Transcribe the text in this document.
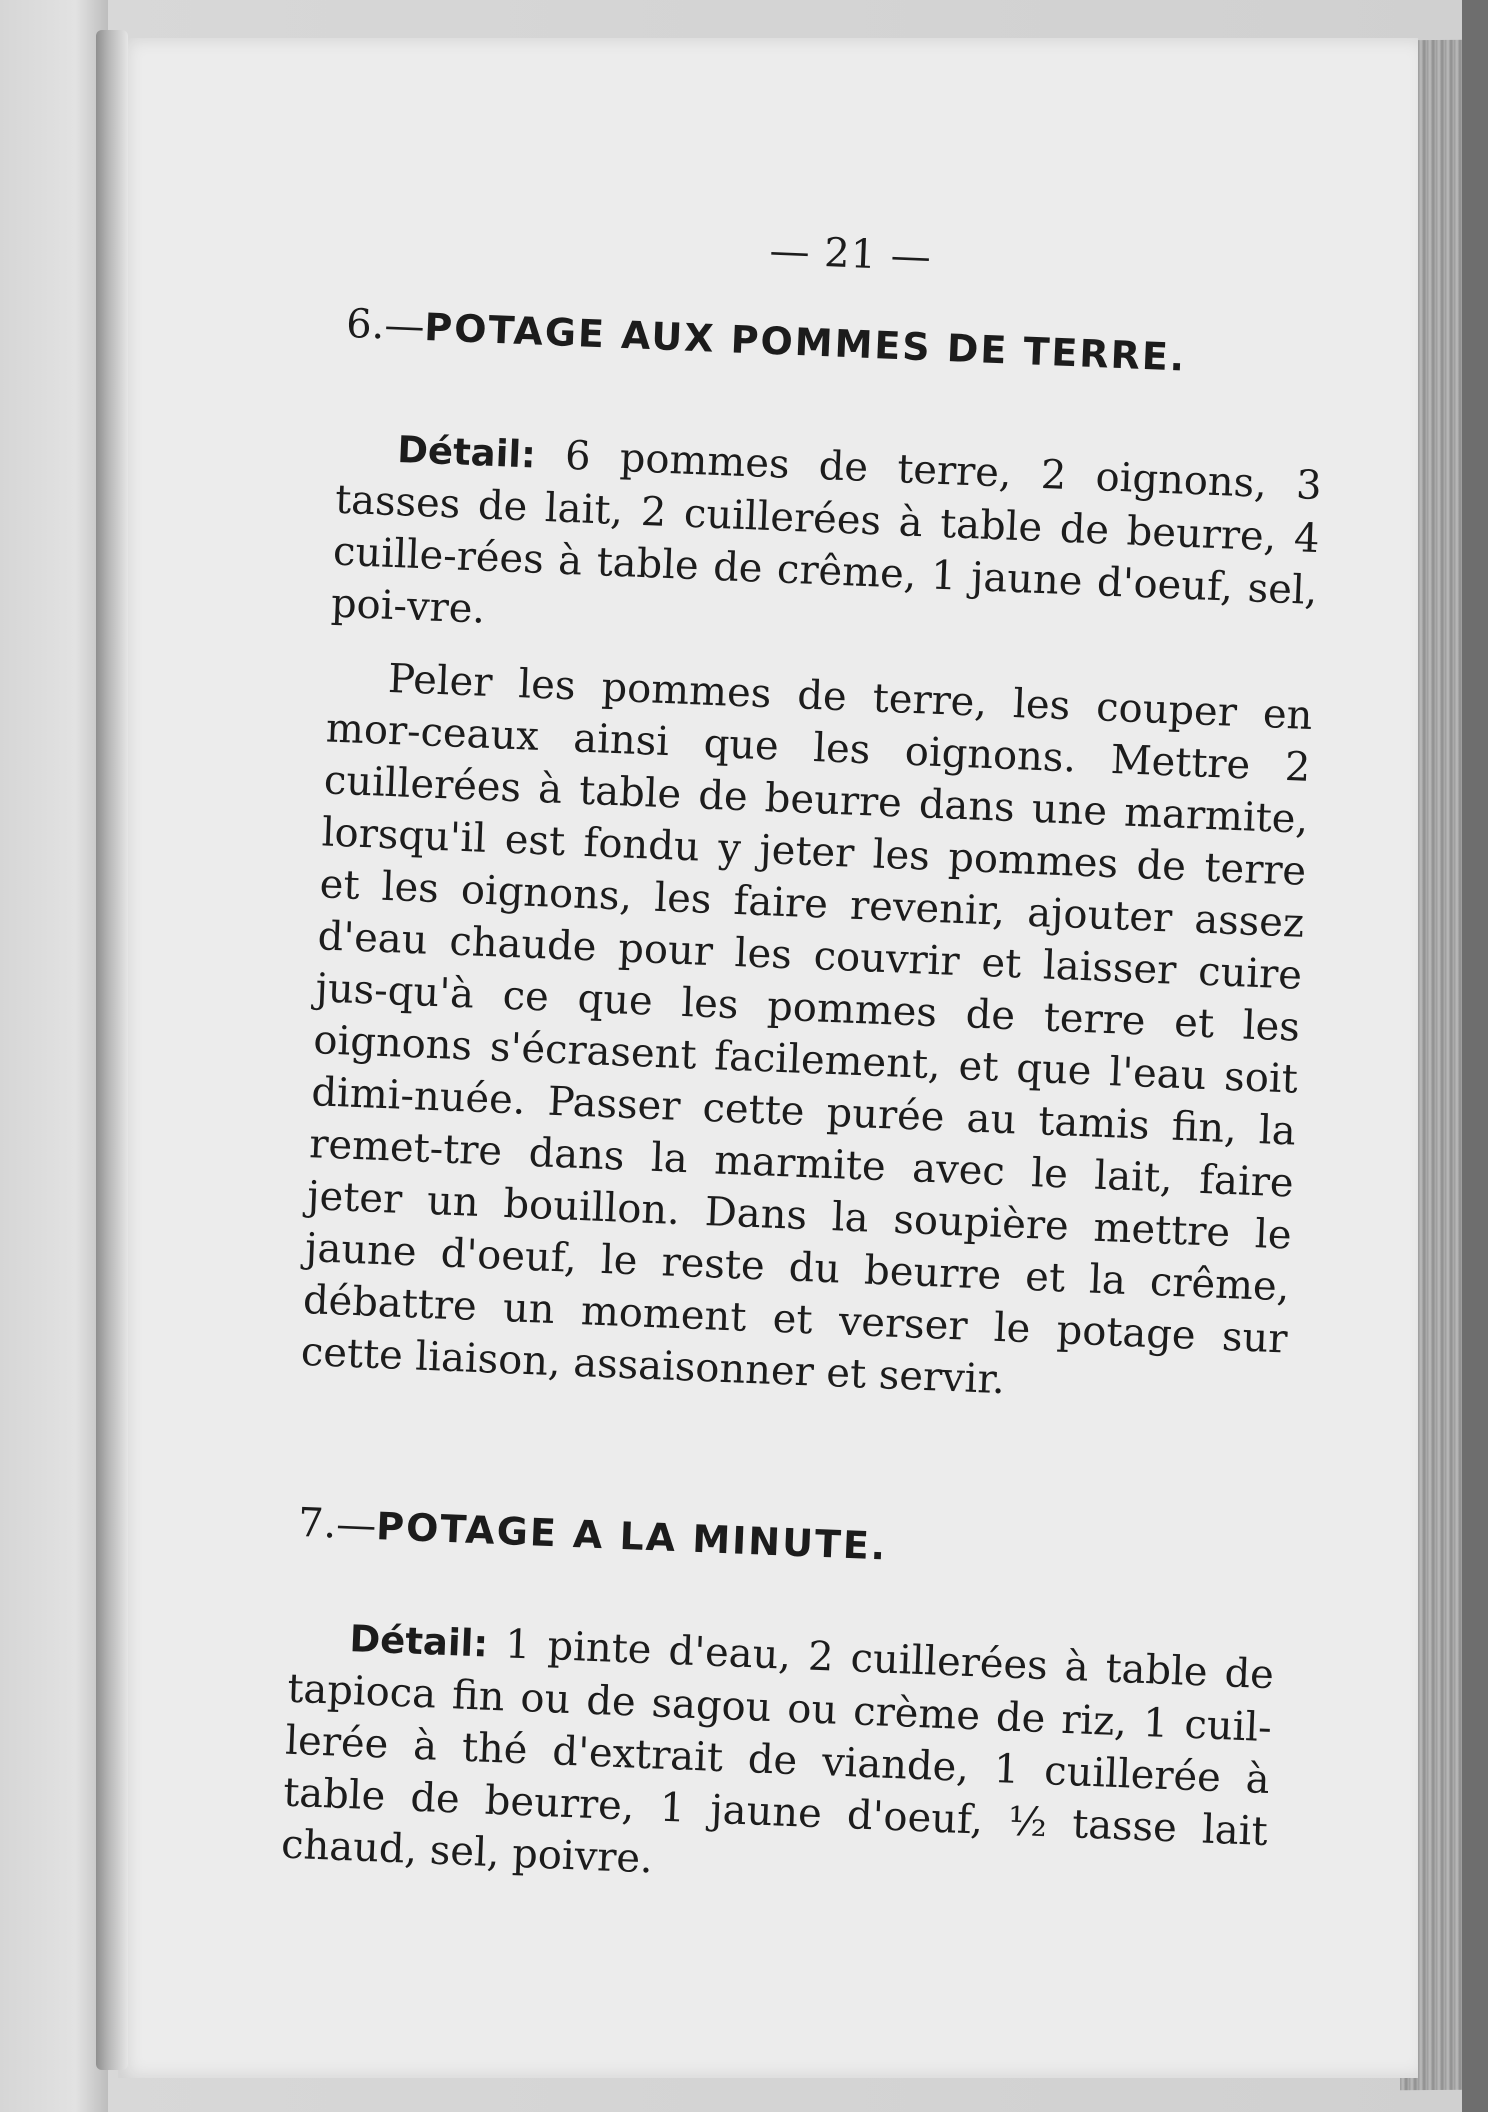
— 21 —
6.—POTAGE AUX POMMES DE TERRE.
Détail: 6 pommes de terre, 2 oignons, 3 tasses de lait, 2 cuillerées à table de beurre, 4 cuille-rées à table de crême, 1 jaune d'oeuf, sel, poi-vre.
Peler les pommes de terre, les couper en mor-ceaux ainsi que les oignons. Mettre 2 cuillerées à table de beurre dans une marmite, lorsqu'il est fondu y jeter les pommes de terre et les oignons, les faire revenir, ajouter assez d'eau chaude pour les couvrir et laisser cuire jus-qu'à ce que les pommes de terre et les oignons s'écrasent facilement, et que l'eau soit dimi-nuée. Passer cette purée au tamis fin, la remet-tre dans la marmite avec le lait, faire jeter un bouillon. Dans la soupière mettre le jaune d'oeuf, le reste du beurre et la crême, débattre un moment et verser le potage sur cette liaison, assaisonner et servir.
7.—POTAGE A LA MINUTE.
Détail: 1 pinte d'eau, 2 cuillerées à table de tapioca fin ou de sagou ou crème de riz, 1 cuil-lerée à thé d'extrait de viande, 1 cuillerée à table de beurre, 1 jaune d'oeuf, ½ tasse lait chaud, sel, poivre.
